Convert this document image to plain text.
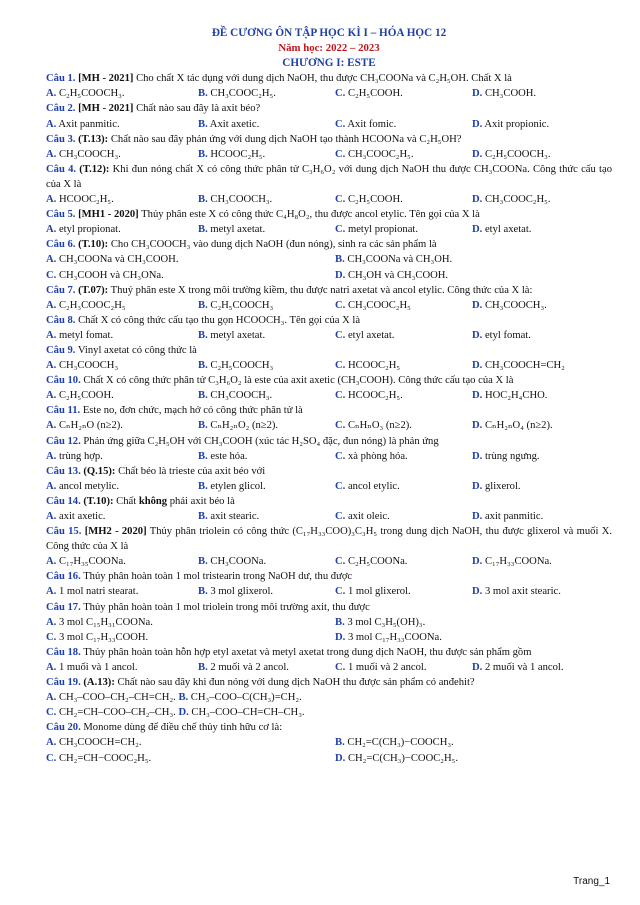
ĐỀ CƯƠNG ÔN TẬP HỌC KÌ I – HÓA HỌC 12
Năm học: 2022 – 2023
CHƯƠNG I: ESTE

Câu 1. [MH - 2021] Cho chất X tác dụng với dung dịch NaOH, thu được CH₃COONa và C₂H₅OH. Chất X là

A. C₂H₅COOCH₃.	B. CH₃COOC₂H₅.	C. C₂H₅COOH.	D. CH₃COOH.

Câu 2. [MH - 2021] Chất nào sau đây là axit béo?

A. Axit panmitic.	B. Axit axetic.	C. Axit fomic.	D. Axit propionic.

Câu 3. (T.13): Chất nào sau đây phản ứng với dung dịch NaOH tạo thành HCOONa và C₂H₅OH?

A. CH₃COOCH₃.	B. HCOOC₂H₅.	C. CH₃COOC₂H₅.	D. C₂H₅COOCH₃.

Câu 4. (T.12): Khi đun nóng chất X có công thức phân tử C₃H₆O₂ với dung dịch NaOH thu được CH₃COONa. Công thức cấu tạo của X là

A. HCOOC₂H₅.	B. CH₃COOCH₃.	C. C₂H₅COOH.	D. CH₃COOC₂H₅.

Câu 5. [MH1 - 2020] Thủy phân este X có công thức C₄H₈O₂, thu được ancol etylic. Tên gọi của X là

A. etyl propionat.	B. metyl axetat.	C. metyl propionat.	D. etyl axetat.

Câu 6. (T.10): Cho CH₃COOCH₃ vào dung dịch NaOH (đun nóng), sinh ra các sản phẩm là

A. CH₃COONa và CH₃COOH.	B. CH₃COONa và CH₃OH.
C. CH₃COOH và CH₃ONa.	D. CH₃OH và CH₃COOH.

Câu 7. (T.07): Thuỷ phân este X trong môi trường kiềm, thu được natri axetat và ancol etylic. Công thức của X là:

A. C₂H₃COOC₂H₅	B. C₂H₅COOCH₃	C. CH₃COOC₂H₅	D. CH₃COOCH₃.

Câu 8. Chất X có công thức cấu tạo thu gọn HCOOCH₃. Tên gọi của X là

A. metyl fomat.	B. metyl axetat.	C. etyl axetat.	D. etyl fomat.

Câu 9. Vinyl axetat có công thức là

A. CH₃COOCH₃	B. C₂H₅COOCH₃	C. HCOOC₂H₅	D. CH₃COOCH=CH₂

Câu 10. Chất X có công thức phân tử C₃H₆O₂ là este của axit axetic (CH₃COOH). Công thức cấu tạo của X là

A. C₂H₅COOH.	B. CH₃COOCH₃.	C. HCOOC₂H₅.	D. HOC₂H₄CHO.

Câu 11. Este no, đơn chức, mạch hở có công thức phân tử là

A. CₙH₂ₙO (n≥2).	B. CₙH₂ₙO₂ (n≥2).	C. CₙHₙO₃ (n≥2).	D. CₙH₂ₙO₄ (n≥2).

Câu 12. Phản ứng giữa C₂H₅OH với CH₃COOH (xúc tác H₂SO₄ đặc, đun nóng) là phản ứng

A. trùng hợp.	B. este hóa.	C. xà phòng hóa.	D. trùng ngưng.

Câu 13. (Q.15): Chất béo là trieste của axit béo với

A. ancol metylic.	B. etylen glicol.	C. ancol etylic.	D. glixerol.

Câu 14. (T.10): Chất không phải axit béo là

A. axit axetic.	B. axit stearic.	C. axit oleic.	D. axit panmitic.

Câu 15. [MH2 - 2020] Thủy phân triolein có công thức (C₁₇H₃₃COO)₃C₃H₅ trong dung dịch NaOH, thu được glixerol và muối X. Công thức của X là

A. C₁₇H₃₅COONa.	B. CH₃COONa.	C. C₂H₅COONa.	D. C₁₇H₃₃COONa.

Câu 16. Thủy phân hoàn toàn 1 mol tristearin trong NaOH dư, thu được

A. 1 mol natri stearat.	B. 3 mol glixerol.	C. 1 mol glixerol.	D. 3 mol axit stearic.

Câu 17. Thủy phân hoàn toàn 1 mol triolein trong môi trường axit, thu được

A. 3 mol C₁₅H₃₁COONa.	B. 3 mol C₃H₅(OH)₃.
C. 3 mol C₁₇H₃₃COOH.	D. 3 mol C₁₇H₃₃COONa.

Câu 18. Thủy phân hoàn toàn hỗn hợp etyl axetat và metyl axetat trong dung dịch NaOH, thu được sản phẩm gồm

A. 1 muối và 1 ancol.	B. 2 muối và 2 ancol.	C. 1 muối và 2 ancol.	D. 2 muối và 1 ancol.

Câu 19. (A.13): Chất nào sau đây khi đun nóng với dung dịch NaOH thu được sản phẩm có anđehit?

A. CH₃–COO–CH₂–CH=CH₂. B. CH₃–COO–C(CH₃)=CH₂.
C. CH₂=CH–COO–CH₂–CH₃. D. CH₃–COO–CH=CH–CH₃.

Câu 20. Monome dùng để điều chế thủy tinh hữu cơ là:

A. CH₃COOCH=CH₂.	B. CH₂=C(CH₃)−COOCH₃.
C. CH₂=CH−COOC₂H₅.	D. CH₂=C(CH₃)−COOC₂H₅.
Trang_1
